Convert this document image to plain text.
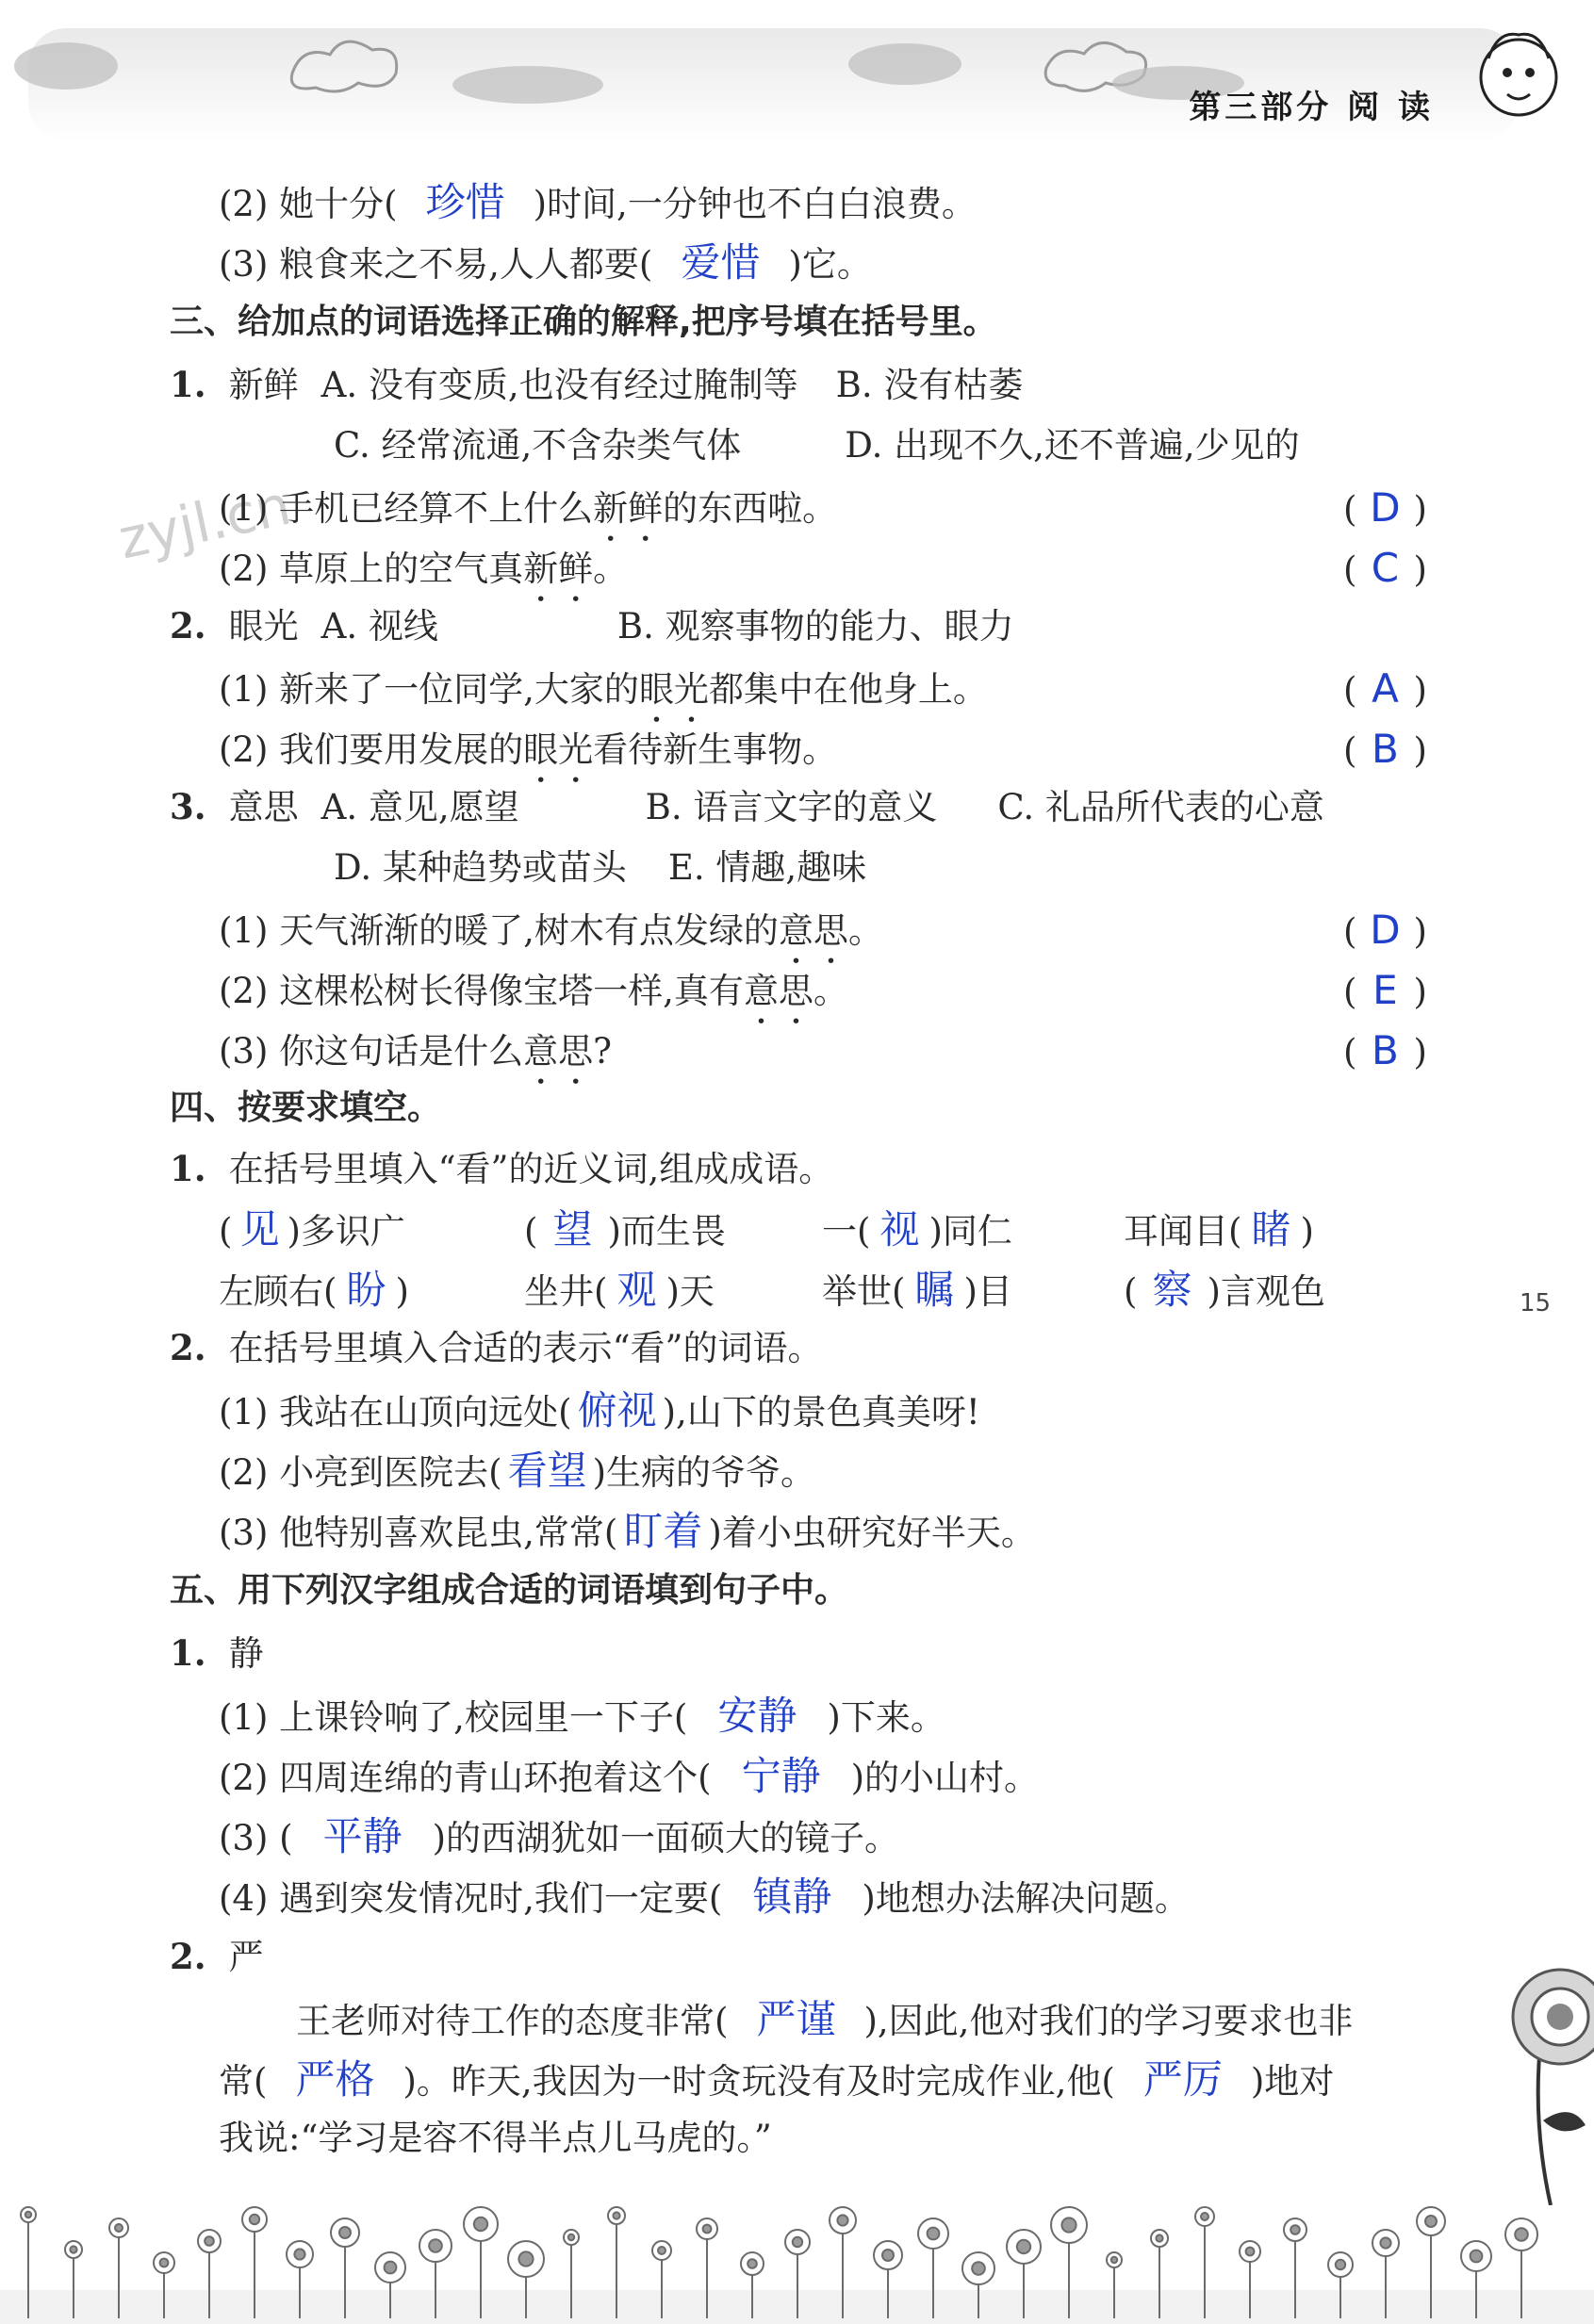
第三部分 阅 读
zyjl.cn
(2) 她十分( 珍惜 )时间,一分钟也不白白浪费。
(3) 粮食来之不易,人人都要( 爱惜 )它。
三、给加点的词语选择正确的解释,把序号填在括号里。
1. 新鲜 A. 没有变质,也没有经过腌制等 B. 没有枯萎
C. 经常流通,不含杂类气体	D. 出现不久,还不普遍,少见的
(1) 手机已经算不上什么新鲜的东西啦。	( D )
(2) 草原上的空气真新鲜。	( C )
2. 眼光 A. 视线	B. 观察事物的能力、眼力
(1) 新来了一位同学,大家的眼光都集中在他身上。	( A )
(2) 我们要用发展的眼光看待新生事物。	( B )
3. 意思 A. 意见,愿望	B. 语言文字的意义 C. 礼品所代表的心意
D. 某种趋势或苗头 E. 情趣,趣味
(1) 天气渐渐的暖了,树木有点发绿的意思。	( D )
(2) 这棵松树长得像宝塔一样,真有意思。	( E )
(3) 你这句话是什么意思?	( B )
四、按要求填空。
1. 在括号里填入“看”的近义词,组成成语。
( 见 )多识广	( 望 )而生畏	一( 视 )同仁	耳闻目( 睹 )
左顾右( 盼 )	坐井( 观 )天	举世( 瞩 )目	( 察 )言观色
2. 在括号里填入合适的表示“看”的词语。
(1) 我站在山顶向远处( 俯视 ),山下的景色真美呀!
(2) 小亮到医院去( 看望 )生病的爷爷。
(3) 他特别喜欢昆虫,常常( 盯着 )着小虫研究好半天。
五、用下列汉字组成合适的词语填到句子中。
1. 静
(1) 上课铃响了,校园里一下子( 安静 )下来。
(2) 四周连绵的青山环抱着这个( 宁静 )的小山村。
(3) ( 平静 )的西湖犹如一面硕大的镜子。
(4) 遇到突发情况时,我们一定要( 镇静 )地想办法解决问题。
2. 严
王老师对待工作的态度非常( 严谨 ),因此,他对我们的学习要求也非
常( 严格 )。昨天,我因为一时贪玩没有及时完成作业,他( 严厉 )地对
我说:“学习是容不得半点儿马虎的。”
15
